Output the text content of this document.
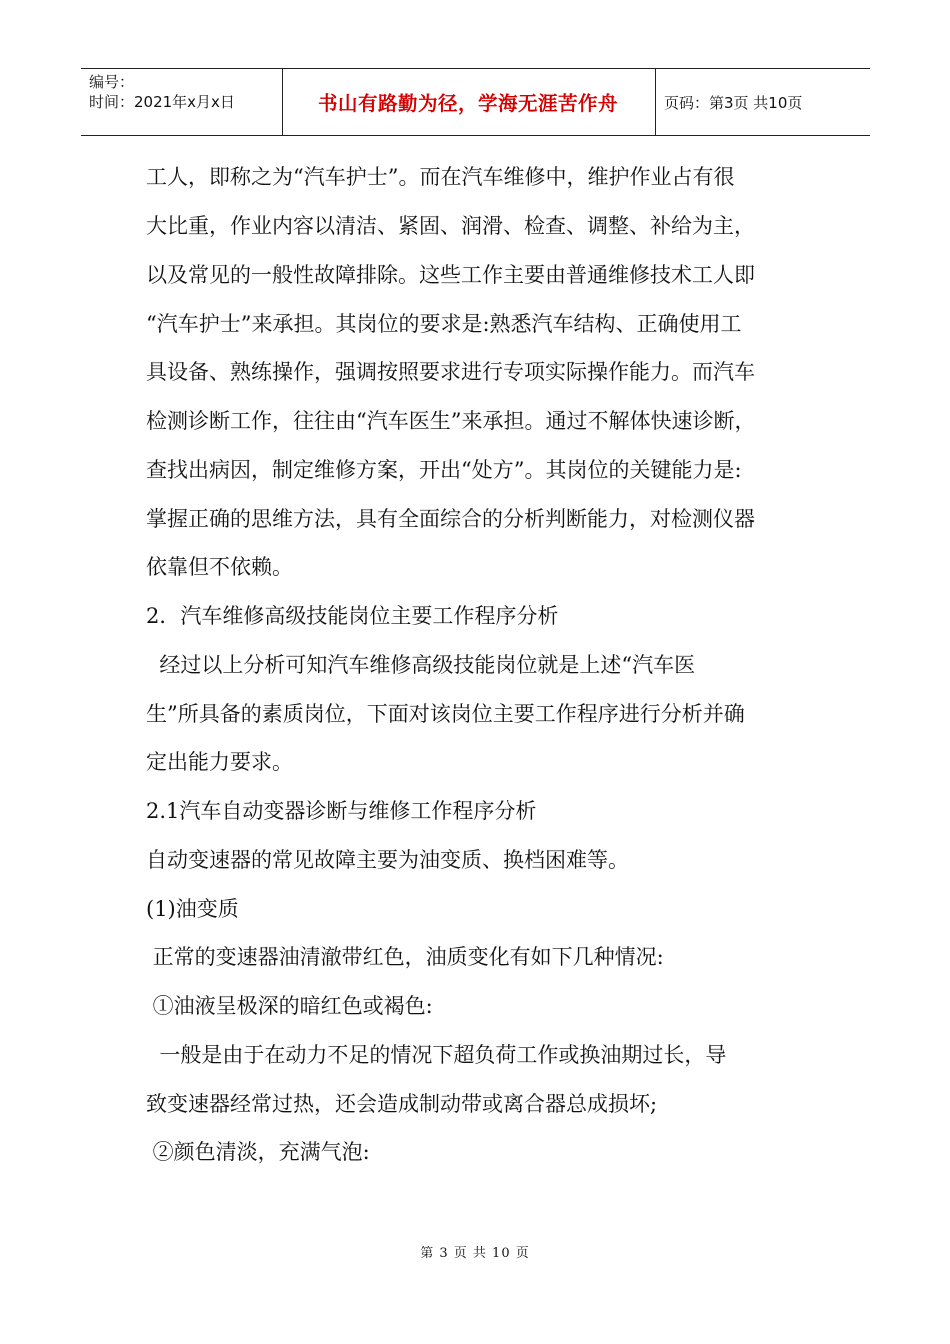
编号：
时间：2021年x月x日	书山有路勤为径，学海无涯苦作舟	页码：第3页 共10页
工人，即称之为“汽车护士”。而在汽车维修中，维护作业占有很
大比重，作业内容以清洁、紧固、润滑、检查、调整、补给为主，
以及常见的一般性故障排除。这些工作主要由普通维修技术工人即
“汽车护士”来承担。其岗位的要求是:熟悉汽车结构、正确使用工
具设备、熟练操作，强调按照要求进行专项实际操作能力。而汽车
检测诊断工作，往往由“汽车医生”来承担。通过不解体快速诊断，
查找出病因，制定维修方案，开出“处方”。其岗位的关键能力是:
掌握正确的思维方法，具有全面综合的分析判断能力，对检测仪器
依靠但不依赖。
2．汽车维修高级技能岗位主要工作程序分析
经过以上分析可知汽车维修高级技能岗位就是上述“汽车医
生”所具备的素质岗位，下面对该岗位主要工作程序进行分析并确
定出能力要求。
2.1汽车自动变器诊断与维修工作程序分析
自动变速器的常见故障主要为油变质、换档困难等。
(1)油变质
正常的变速器油清澈带红色，油质变化有如下几种情况:
①油液呈极深的暗红色或褐色:
一般是由于在动力不足的情况下超负荷工作或换油期过长，导
致变速器经常过热，还会造成制动带或离合器总成损坏;
②颜色清淡，充满气泡:
第 3 页 共 10 页
